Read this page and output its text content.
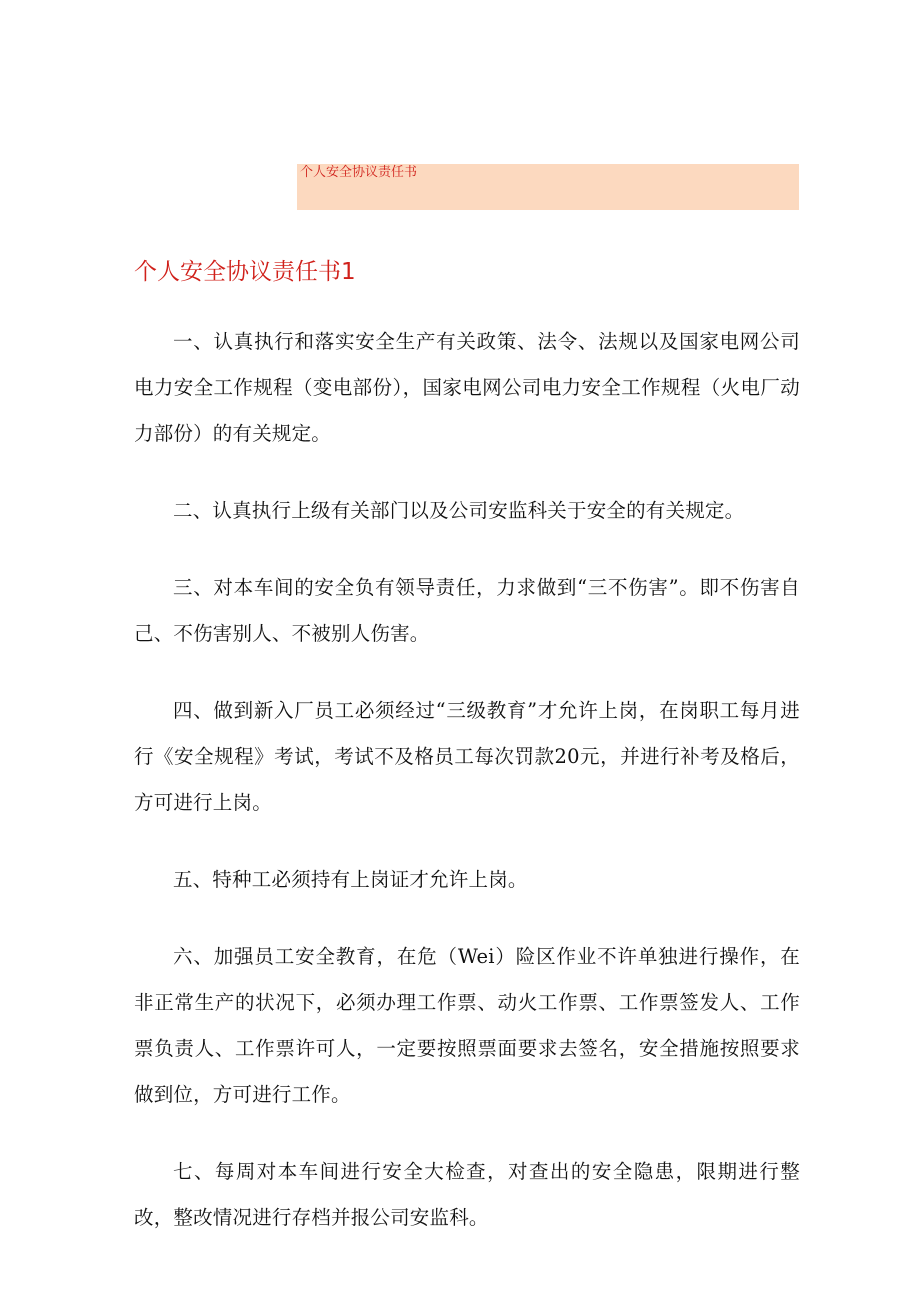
个人安全协议责任书
个人安全协议责任书1

一、认真执行和落实安全生产有关政策、法令、法规以及国家电网公司电力安全工作规程（变电部份），国家电网公司电力安全工作规程（火电厂动力部份）的有关规定。

二、认真执行上级有关部门以及公司安监科关于安全的有关规定。

三、对本车间的安全负有领导责任，力求做到“三不伤害”。即不伤害自己、不伤害别人、不被别人伤害。

四、做到新入厂员工必须经过“三级教育”才允许上岗，在岗职工每月进行《安全规程》考试，考试不及格员工每次罚款20元，并进行补考及格后，方可进行上岗。

五、特种工必须持有上岗证才允许上岗。

六、加强员工安全教育，在危（Wei）险区作业不许单独进行操作，在非正常生产的状况下，必须办理工作票、动火工作票、工作票签发人、工作票负责人、工作票许可人，一定要按照票面要求去签名，安全措施按照要求做到位，方可进行工作。

七、每周对本车间进行安全大检查，对查出的安全隐患，限期进行整改，整改情况进行存档并报公司安监科。
